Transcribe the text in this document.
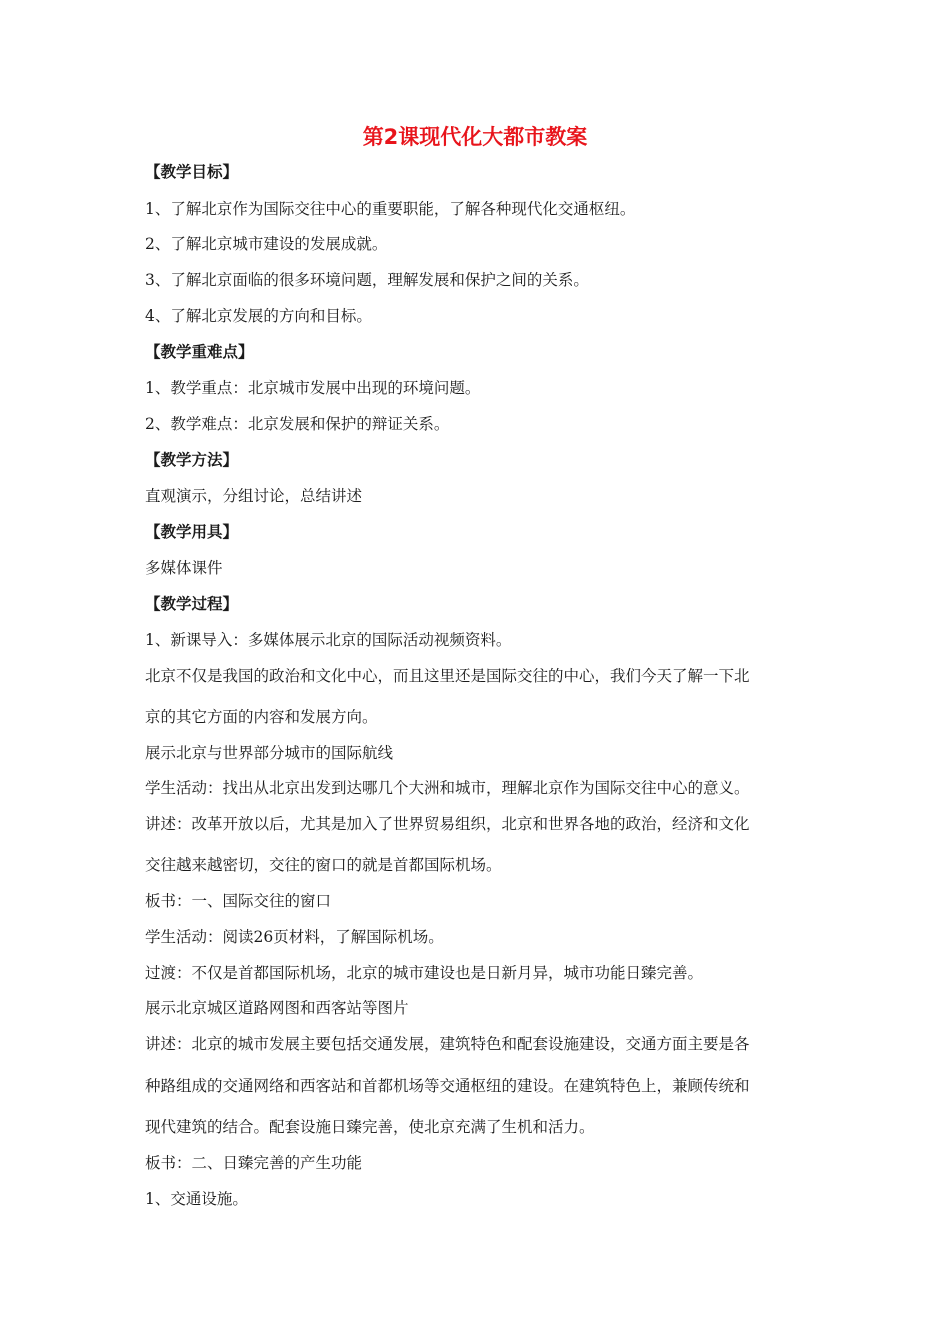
第2课现代化大都市教案
【教学目标】
1、了解北京作为国际交往中心的重要职能，了解各种现代化交通枢纽。
2、了解北京城市建设的发展成就。
3、了解北京面临的很多环境问题，理解发展和保护之间的关系。
4、了解北京发展的方向和目标。
【教学重难点】
1、教学重点：北京城市发展中出现的环境问题。
2、教学难点：北京发展和保护的辩证关系。
【教学方法】
直观演示，分组讨论，总结讲述
【教学用具】
多媒体课件
【教学过程】
1、新课导入：多媒体展示北京的国际活动视频资料。
北京不仅是我国的政治和文化中心，而且这里还是国际交往的中心，我们今天了解一下北
京的其它方面的内容和发展方向。
展示北京与世界部分城市的国际航线
学生活动：找出从北京出发到达哪几个大洲和城市，理解北京作为国际交往中心的意义。
讲述：改革开放以后，尤其是加入了世界贸易组织，北京和世界各地的政治，经济和文化
交往越来越密切，交往的窗口的就是首都国际机场。
板书：一、国际交往的窗口
学生活动：阅读26页材料，了解国际机场。
过渡：不仅是首都国际机场，北京的城市建设也是日新月异，城市功能日臻完善。
展示北京城区道路网图和西客站等图片
讲述：北京的城市发展主要包括交通发展，建筑特色和配套设施建设，交通方面主要是各
种路组成的交通网络和西客站和首都机场等交通枢纽的建设。在建筑特色上，兼顾传统和
现代建筑的结合。配套设施日臻完善，使北京充满了生机和活力。
板书：二、日臻完善的产生功能
1、交通设施。
